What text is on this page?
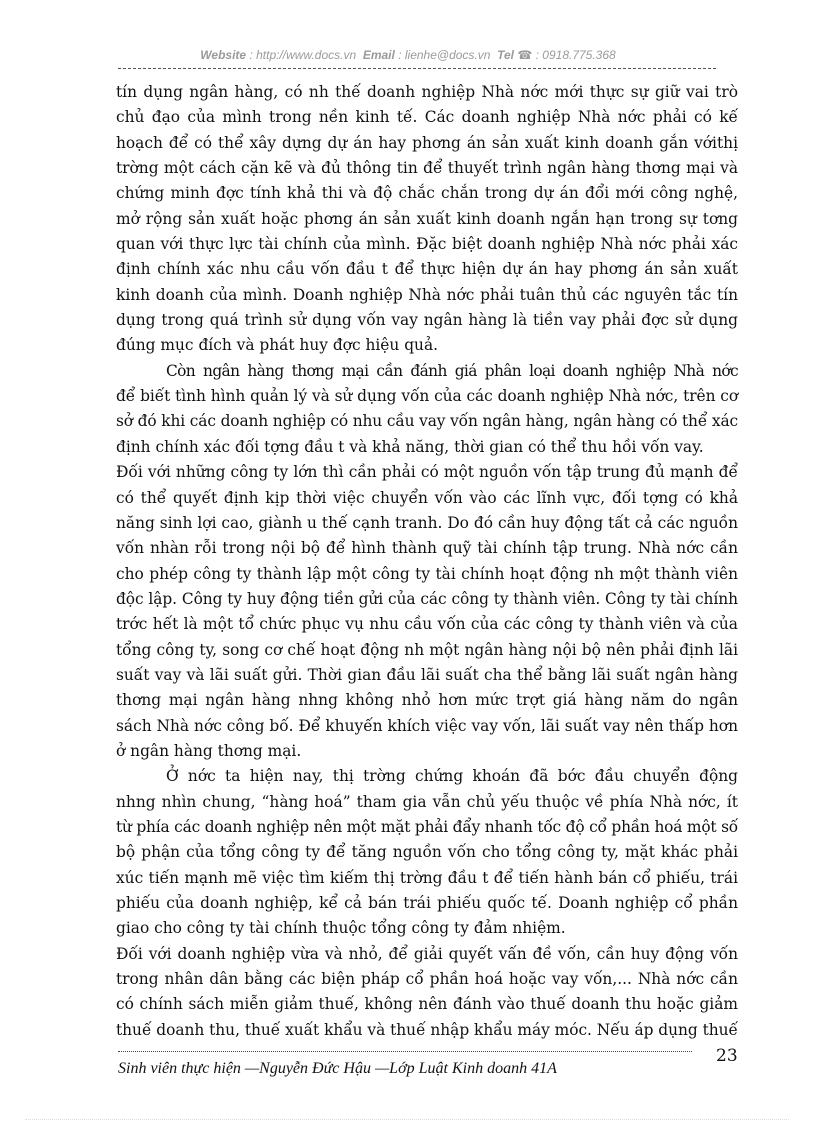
Website : http://www.docs.vn Email : lienhe@docs.vn Tel ☎ : 0918.775.368
tín dụng ngân hàng, có nh thế doanh nghiệp Nhà nớc mới thực sự giữ vai trò
chủ đạo của mình trong nền kinh tế. Các doanh nghiệp Nhà nớc phải có kế
hoạch để có thể xây dựng dự án hay phơng án sản xuất kinh doanh gắn vớithị
trờng một cách cặn kẽ và đủ thông tin để thuyết trình ngân hàng thơng mại và
chứng minh đợc tính khả thi và độ chắc chắn trong dự án đổi mới công nghệ,
mở rộng sản xuất hoặc phơng án sản xuất kinh doanh ngắn hạn trong sự tơng
quan với thực lực tài chính của mình. Đặc biệt doanh nghiệp Nhà nớc phải xác
định chính xác nhu cầu vốn đầu t để thực hiện dự án hay phơng án sản xuất
kinh doanh của mình. Doanh nghiệp Nhà nớc phải tuân thủ các nguyên tắc tín
dụng trong quá trình sử dụng vốn vay ngân hàng là tiền vay phải đợc sử dụng
đúng mục đích và phát huy đợc hiệu quả.
Còn ngân hàng thơng mại cần đánh giá phân loại doanh nghiệp Nhà nớc
để biết tình hình quản lý và sử dụng vốn của các doanh nghiệp Nhà nớc, trên cơ
sở đó khi các doanh nghiệp có nhu cầu vay vốn ngân hàng, ngân hàng có thể xác
định chính xác đối tợng đầu t và khả năng, thời gian có thể thu hồi vốn vay.
Đối với những công ty lớn thì cần phải có một nguồn vốn tập trung đủ mạnh để
có thể quyết định kịp thời việc chuyển vốn vào các lĩnh vực, đối tợng có khả
năng sinh lợi cao, giành u thế cạnh tranh. Do đó cần huy động tất cả các nguồn
vốn nhàn rỗi trong nội bộ để hình thành quỹ tài chính tập trung. Nhà nớc cần
cho phép công ty thành lập một công ty tài chính hoạt động nh một thành viên
độc lập. Công ty huy động tiền gửi của các công ty thành viên. Công ty tài chính
trớc hết là một tổ chức phục vụ nhu cầu vốn của các công ty thành viên và của
tổng công ty, song cơ chế hoạt động nh một ngân hàng nội bộ nên phải định lãi
suất vay và lãi suất gửi. Thời gian đầu lãi suất cha thể bằng lãi suất ngân hàng
thơng mại ngân hàng nhng không nhỏ hơn mức trợt giá hàng năm do ngân
sách Nhà nớc công bố. Để khuyến khích việc vay vốn, lãi suất vay nên thấp hơn
ở ngân hàng thơng mại.
Ở nớc ta hiện nay, thị trờng chứng khoán đã bớc đầu chuyển động
nhng nhìn chung, “hàng hoá” tham gia vẫn chủ yếu thuộc về phía Nhà nớc, ít
từ phía các doanh nghiệp nên một mặt phải đẩy nhanh tốc độ cổ phần hoá một số
bộ phận của tổng công ty để tăng nguồn vốn cho tổng công ty, mặt khác phải
xúc tiến mạnh mẽ việc tìm kiếm thị trờng đầu t để tiến hành bán cổ phiếu, trái
phiếu của doanh nghiệp, kể cả bán trái phiếu quốc tế. Doanh nghiệp cổ phần
giao cho công ty tài chính thuộc tổng công ty đảm nhiệm.
Đối với doanh nghiệp vừa và nhỏ, để giải quyết vấn đề vốn, cần huy động vốn
trong nhân dân bằng các biện pháp cổ phần hoá hoặc vay vốn,... Nhà nớc cần
có chính sách miễn giảm thuế, không nên đánh vào thuế doanh thu hoặc giảm
thuế doanh thu, thuế xuất khẩu và thuế nhập khẩu máy móc. Nếu áp dụng thuế
23
Sinh viên thực hiện —Nguyễn Đức Hậu —Lớp Luật Kinh doanh 41A
